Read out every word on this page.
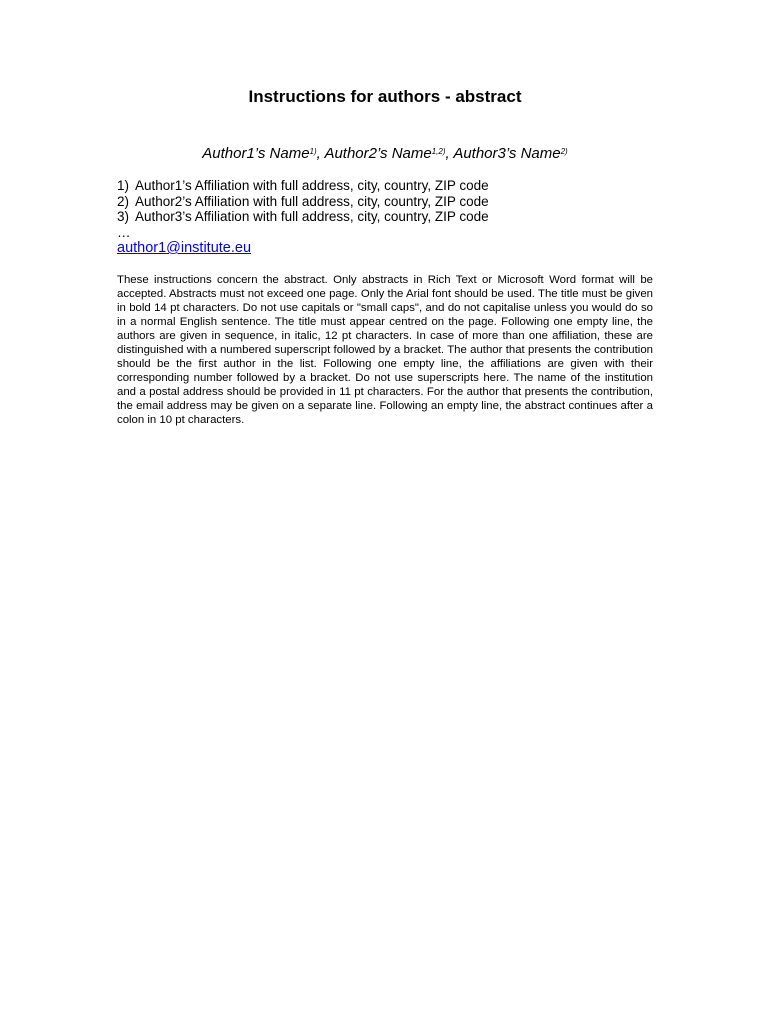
Instructions for authors - abstract
Author1’s Name$^{1)}$, Author2’s Name$^{1,2)}$, Author3’s Name$^{2)}$
1) Author1’s Affiliation with full address, city, country, ZIP code
2) Author2’s Affiliation with full address, city, country, ZIP code
3) Author3’s Affiliation with full address, city, country, ZIP code
…
author1@institute.eu

These instructions concern the abstract. Only abstracts in Rich Text or Microsoft Word format will be accepted. Abstracts must not exceed one page. Only the Arial font should be used. The title must be given in bold 14 pt characters. Do not use capitals or "small caps", and do not capitalise unless you would do so in a normal English sentence. The title must appear centred on the page. Following one empty line, the authors are given in sequence, in italic, 12 pt characters. In case of more than one affiliation, these are distinguished with a numbered superscript followed by a bracket. The author that presents the contribution should be the first author in the list. Following one empty line, the affiliations are given with their corresponding number followed by a bracket. Do not use superscripts here. The name of the institution and a postal address should be provided in 11 pt characters. For the author that presents the contribution, the email address may be given on a separate line. Following an empty line, the abstract continues after a colon in 10 pt characters.
